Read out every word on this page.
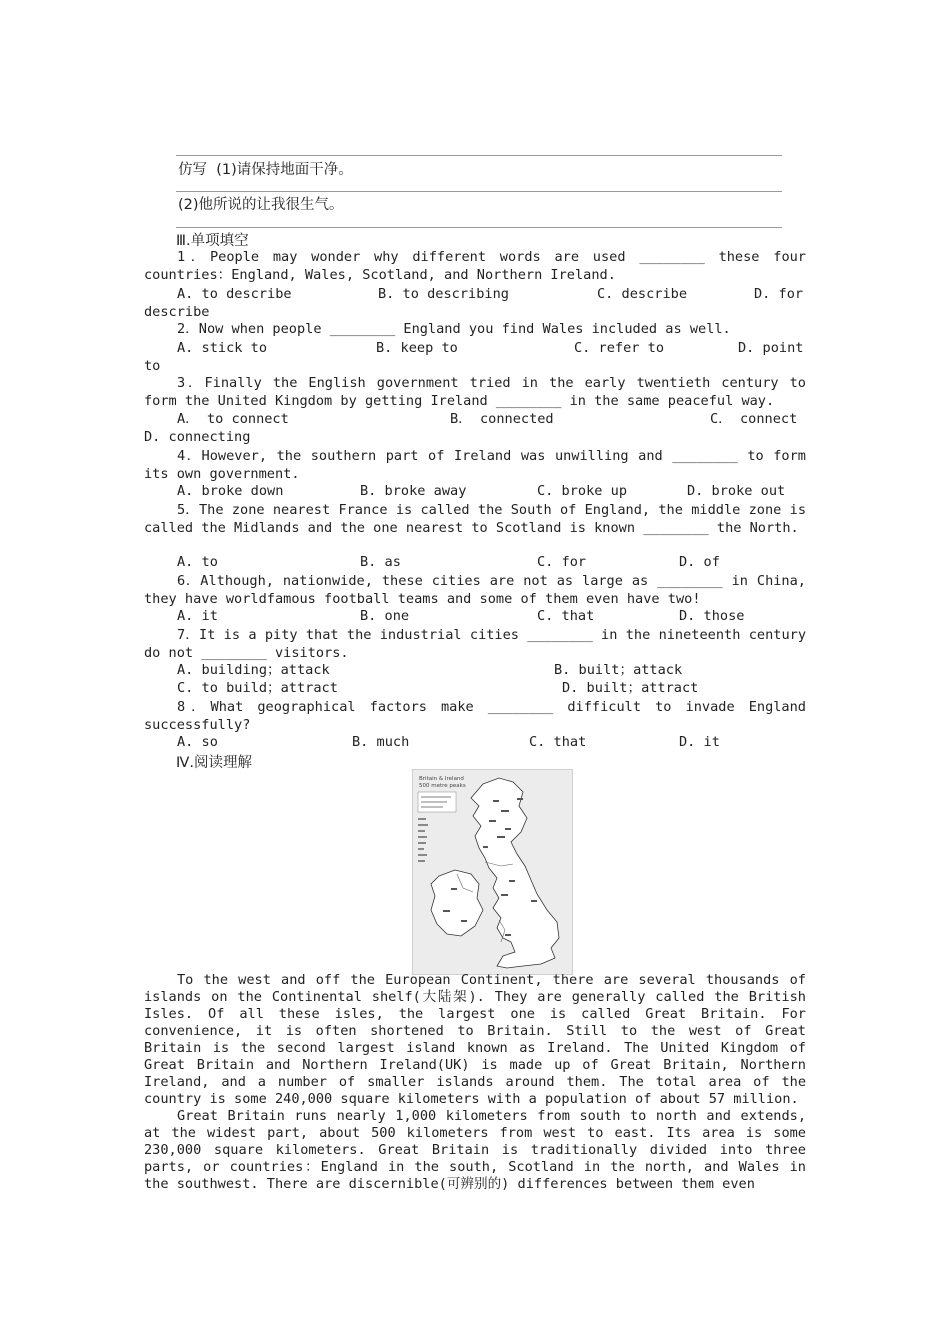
仿写 (1)请保持地面干净。
(2)他所说的让我很生气。
Ⅲ.单项填空
1．People may wonder why different words are used ________ these four countries：England, Wales, Scotland, and Northern Ireland.
A. to describe	B. to describing	C. describe	D. for
describe
2．Now when people ________ England you find Wales included as well.
A. stick to	B. keep to	C. refer to	D. point
to
3．Finally the English government tried in the early twentieth century to form the United Kingdom by getting Ireland ________ in the same peaceful way.
A． to connect	B． connected	C． connect
D. connecting
4．However, the southern part of Ireland was unwilling and ________ to form its own government.
A. broke down	B. broke away	C. broke up	D. broke out
5．The zone nearest France is called the South of England, the middle zone is called the Midlands and the one nearest to Scotland is known ________ the North.
A. to	B. as	C. for	D. of
6．Although, nationwide, these cities are not as large as ________ in China, they have worldfamous football teams and some of them even have two!
A. it	B. one	C. that	D. those
7．It is a pity that the industrial cities ________ in the nineteenth century do not ________ visitors.
A. building；attack	B. built；attack
C. to build；attract	D. built；attract
8．What geographical factors make ________ difficult to invade England successfully?
A. so	B. much	C. that	D. it
Ⅳ.阅读理解
Britain & Ireland
500 metre peaks

To the west and off the European Continent, there are several thousands of islands on the Continental shelf(大陆架). They are generally called the British Isles. Of all these isles, the largest one is called Great Britain. For convenience, it is often shortened to Britain. Still to the west of Great Britain is the second largest island known as Ireland. The United Kingdom of Great Britain and Northern Ireland(UK) is made up of Great Britain, Northern Ireland, and a number of smaller islands around them. The total area of the country is some 240,000 square kilometers with a population of about 57 million.

Great Britain runs nearly 1,000 kilometers from south to north and extends, at the widest part, about 500 kilometers from west to east. Its area is some 230,000 square kilometers. Great Britain is traditionally divided into three parts, or countries：England in the south, Scotland in the north, and Wales in the southwest. There are discernible(可辨别的) differences between them even
